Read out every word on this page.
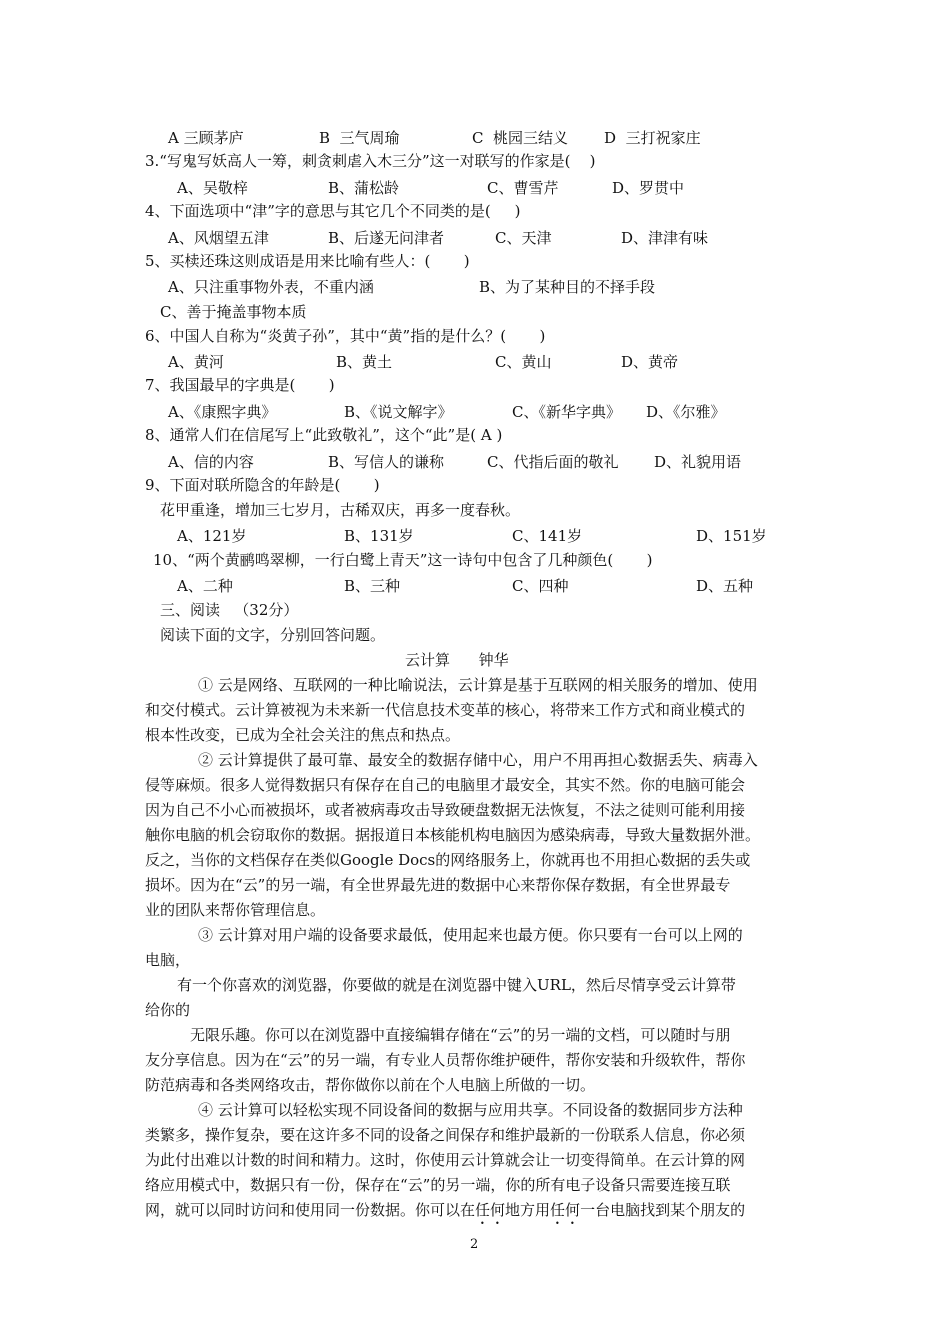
A 三顾茅庐	B  三气周瑜	C  桃园三结义 D  三打祝家庄
3.“写鬼写妖高人一筹，刺贪刺虐入木三分”这一对联写的作家是(    )
A、吴敬梓	B、蒲松龄	C、曹雪芹	D、罗贯中
4、下面选项中“津”字的意思与其它几个不同类的是(     )
A、风烟望五津	B、后遂无问津者	C、天津	D、津津有味
5、买椟还珠这则成语是用来比喻有些人：(       )
A、只注重事物外表，不重内涵	B、为了某种目的不择手段
C、善于掩盖事物本质
6、中国人自称为“炎黄子孙”，其中“黄”指的是什么？(       )
A、黄河	B、黄土	C、黄山	D、黄帝
7、我国最早的字典是(       )
A、《康熙字典》	B、《说文解字》	C、《新华字典》 D、《尔雅》
8、通常人们在信尾写上“此致敬礼”，这个“此”是( A )
A、信的内容	B、写信人的谦称	C、代指后面的敬礼 D、礼貌用语
9、下面对联所隐含的年龄是(       )
花甲重逢，增加三七岁月，古稀双庆，再多一度春秋。
A、121岁	B、131岁	C、141岁	D、151岁
10、“两个黄鹂鸣翠柳，一行白鹭上青天”这一诗句中包含了几种颜色(       )
A、二种	B、三种	C、四种	D、五种
三、阅读   （32分）
阅读下面的文字，分别回答问题。
云计算      钟华
① 云是网络、互联网的一种比喻说法，云计算是基于互联网的相关服务的增加、使用
和交付模式。云计算被视为未来新一代信息技术变革的核心，将带来工作方式和商业模式的
根本性改变，已成为全社会关注的焦点和热点。
② 云计算提供了最可靠、最安全的数据存储中心，用户不用再担心数据丢失、病毒入
侵等麻烦。很多人觉得数据只有保存在自己的电脑里才最安全，其实不然。你的电脑可能会
因为自己不小心而被损坏，或者被病毒攻击导致硬盘数据无法恢复，不法之徒则可能利用接
触你电脑的机会窃取你的数据。据报道日本核能机构电脑因为感染病毒，导致大量数据外泄。
反之，当你的文档保存在类似Google Docs的网络服务上，你就再也不用担心数据的丢失或
损坏。因为在“云”的另一端，有全世界最先进的数据中心来帮你保存数据，有全世界最专
业的团队来帮你管理信息。
③ 云计算对用户端的设备要求最低，使用起来也最方便。你只要有一台可以上网的
电脑，
有一个你喜欢的浏览器，你要做的就是在浏览器中键入URL，然后尽情享受云计算带
给你的
无限乐趣。你可以在浏览器中直接编辑存储在“云”的另一端的文档，可以随时与朋
友分享信息。因为在“云”的另一端，有专业人员帮你维护硬件，帮你安装和升级软件，帮你
防范病毒和各类网络攻击，帮你做你以前在个人电脑上所做的一切。
④ 云计算可以轻松实现不同设备间的数据与应用共享。不同设备的数据同步方法种
类繁多，操作复杂，要在这许多不同的设备之间保存和维护最新的一份联系人信息，你必须
为此付出难以计数的时间和精力。这时，你使用云计算就会让一切变得简单。在云计算的网
络应用模式中，数据只有一份，保存在“云”的另一端，你的所有电子设备只需要连接互联
网，就可以同时访问和使用同一份数据。你可以在任何地方用任何一台电脑找到某个朋友的
2
